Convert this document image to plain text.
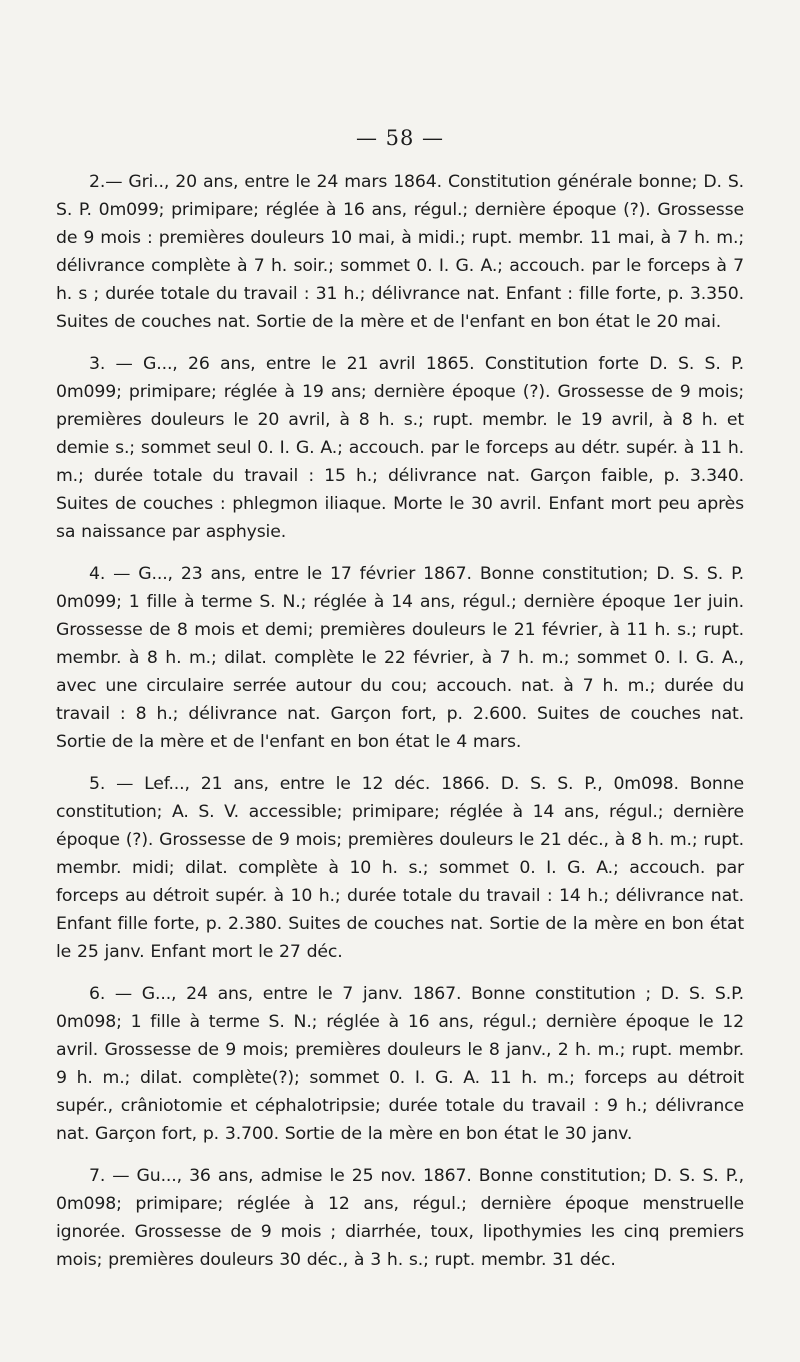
— 58 —

2.— Gri.., 20 ans, entre le 24 mars 1864. Constitution générale bonne; D. S. S. P. 0m099; primipare; réglée à 16 ans, régul.; dernière époque (?). Grossesse de 9 mois : premières douleurs 10 mai, à midi.; rupt. membr. 11 mai, à 7 h. m.; délivrance complète à 7 h. soir.; sommet 0. I. G. A.; accouch. par le forceps à 7 h. s ; durée totale du travail : 31 h.; délivrance nat. Enfant : fille forte, p. 3.350. Suites de couches nat. Sortie de la mère et de l'enfant en bon état le 20 mai.

3. — G..., 26 ans, entre le 21 avril 1865. Constitution forte D. S. S. P. 0m099; primipare; réglée à 19 ans; dernière époque (?). Grossesse de 9 mois; premières douleurs le 20 avril, à 8 h. s.; rupt. membr. le 19 avril, à 8 h. et demie s.; sommet seul 0. I. G. A.; accouch. par le forceps au détr. supér. à 11 h. m.; durée totale du travail : 15 h.; délivrance nat. Garçon faible, p. 3.340. Suites de couches : phlegmon iliaque. Morte le 30 avril. Enfant mort peu après sa naissance par asphysie.

4. — G..., 23 ans, entre le 17 février 1867. Bonne constitution; D. S. S. P. 0m099; 1 fille à terme S. N.; réglée à 14 ans, régul.; dernière époque 1er juin. Grossesse de 8 mois et demi; premières douleurs le 21 février, à 11 h. s.; rupt. membr. à 8 h. m.; dilat. complète le 22 février, à 7 h. m.; sommet 0. I. G. A., avec une circulaire serrée autour du cou; accouch. nat. à 7 h. m.; durée du travail : 8 h.; délivrance nat. Garçon fort, p. 2.600. Suites de couches nat. Sortie de la mère et de l'enfant en bon état le 4 mars.

5. — Lef..., 21 ans, entre le 12 déc. 1866. D. S. S. P., 0m098. Bonne constitution; A. S. V. accessible; primipare; réglée à 14 ans, régul.; dernière époque (?). Grossesse de 9 mois; premières douleurs le 21 déc., à 8 h. m.; rupt. membr. midi; dilat. complète à 10 h. s.; sommet 0. I. G. A.; accouch. par forceps au détroit supér. à 10 h.; durée totale du travail : 14 h.; délivrance nat. Enfant fille forte, p. 2.380. Suites de couches nat. Sortie de la mère en bon état le 25 janv. Enfant mort le 27 déc.

6. — G..., 24 ans, entre le 7 janv. 1867. Bonne constitution ; D. S. S.P. 0m098; 1 fille à terme S. N.; réglée à 16 ans, régul.; dernière époque le 12 avril. Grossesse de 9 mois; premières douleurs le 8 janv., 2 h. m.; rupt. membr. 9 h. m.; dilat. complète(?); sommet 0. I. G. A. 11 h. m.; forceps au détroit supér., crâniotomie et céphalotripsie; durée totale du travail : 9 h.; délivrance nat. Garçon fort, p. 3.700. Sortie de la mère en bon état le 30 janv.

7. — Gu..., 36 ans, admise le 25 nov. 1867. Bonne constitution; D. S. S. P., 0m098; primipare; réglée à 12 ans, régul.; dernière époque menstruelle ignorée. Grossesse de 9 mois ; diarrhée, toux, lipothymies les cinq premiers mois; premières douleurs 30 déc., à 3 h. s.; rupt. membr. 31 déc.
